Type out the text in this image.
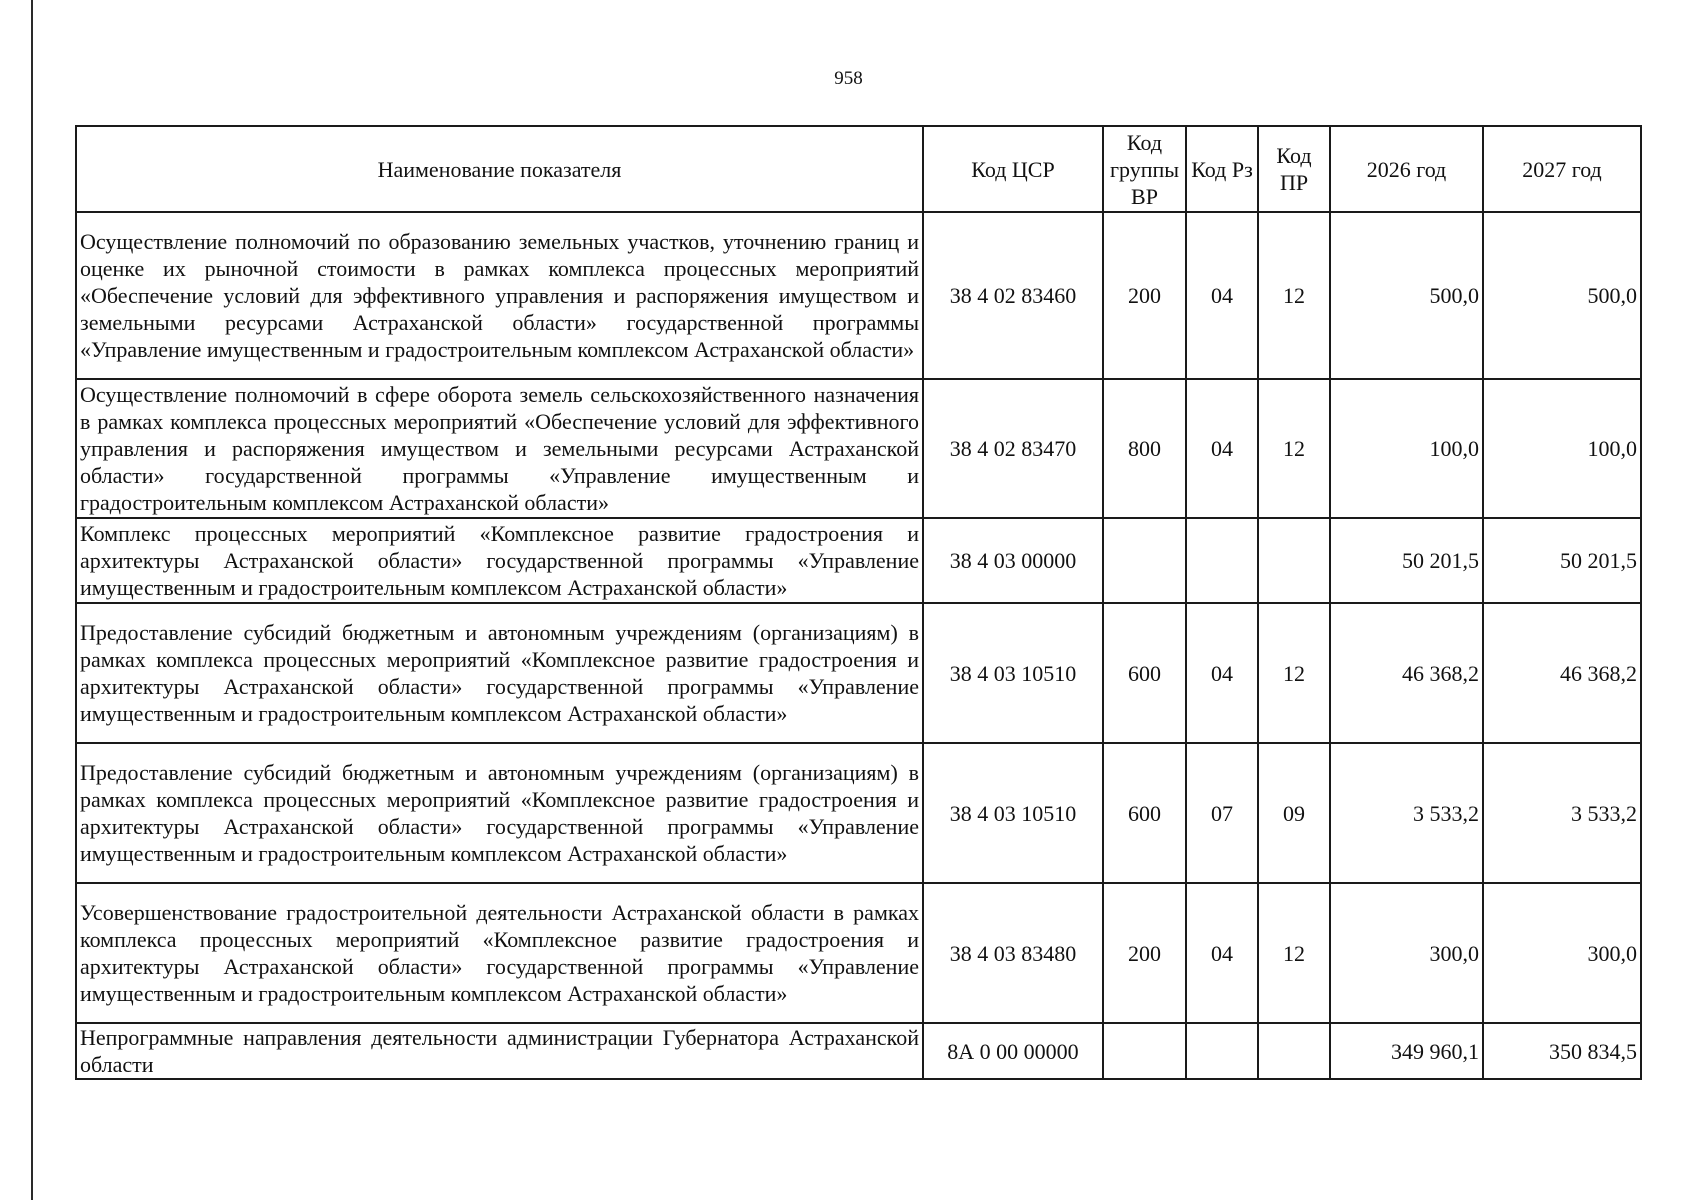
958
Наименование показателя	Код ЦСР	Код группы ВР	Код Рз	Код ПР	2026 год	2027 год
Осуществление полномочий по образованию земельных участков, уточнению границ и оценке их рыночной стоимости в рамках комплекса процессных мероприятий «Обеспечение условий для эффективного управления и распоряжения имуществом и земельными ресурсами Астраханской области» государственной программы «Управление имущественным и градостроительным комплексом Астраханской области»	38 4 02 83460	200	04	12	500,0	500,0
Осуществление полномочий в сфере оборота земель сельскохозяйственного назначения в рамках комплекса процессных мероприятий «Обеспечение условий для эффективного управления и распоряжения имуществом и земельными ресурсами Астраханской области» государственной программы «Управление имущественным и градостроительным комплексом Астраханской области»	38 4 02 83470	800	04	12	100,0	100,0
Комплекс процессных мероприятий «Комплексное развитие градостроения и архитектуры Астраханской области» государственной программы «Управление имущественным и градостроительным комплексом Астраханской области»	38 4 03 00000				50 201,5	50 201,5
Предоставление субсидий бюджетным и автономным учреждениям (организациям) в рамках комплекса процессных мероприятий «Комплексное развитие градостроения и архитектуры Астраханской области» государственной программы «Управление имущественным и градостроительным комплексом Астраханской области»	38 4 03 10510	600	04	12	46 368,2	46 368,2
Предоставление субсидий бюджетным и автономным учреждениям (организациям) в рамках комплекса процессных мероприятий «Комплексное развитие градостроения и архитектуры Астраханской области» государственной программы «Управление имущественным и градостроительным комплексом Астраханской области»	38 4 03 10510	600	07	09	3 533,2	3 533,2
Усовершенствование градостроительной деятельности Астраханской области в рамках комплекса процессных мероприятий «Комплексное развитие градостроения и архитектуры Астраханской области» государственной программы «Управление имущественным и градостроительным комплексом Астраханской области»	38 4 03 83480	200	04	12	300,0	300,0
Непрограммные направления деятельности администрации Губернатора Астраханской области	8А 0 00 00000				349 960,1	350 834,5
